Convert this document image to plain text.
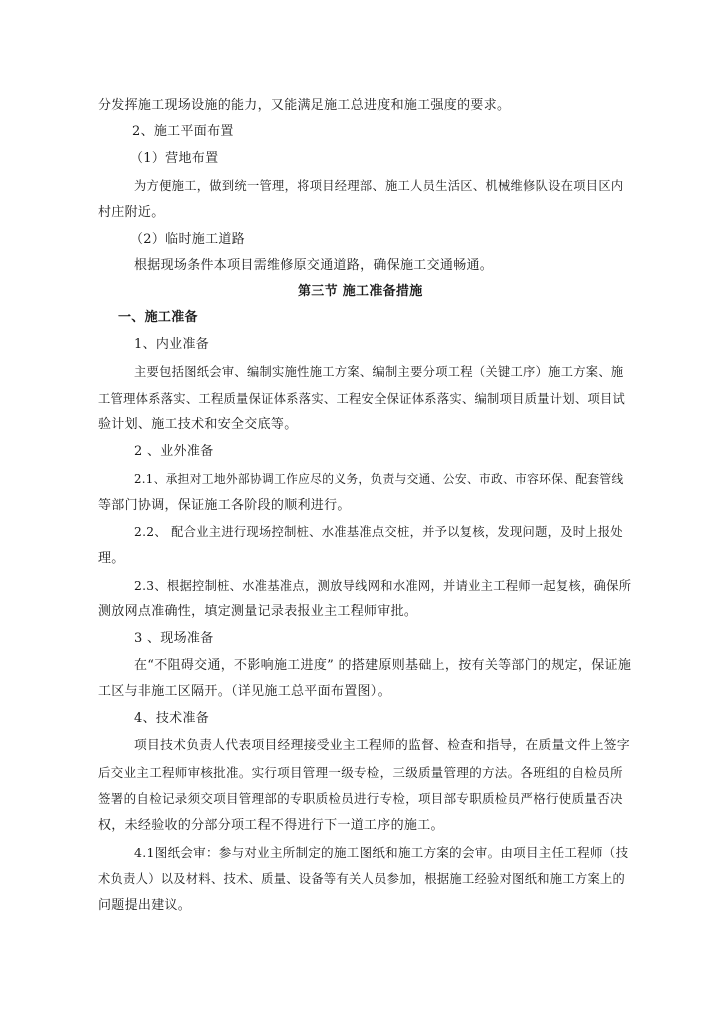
分发挥施工现场设施的能力，又能满足施工总进度和施工强度的要求。
2、施工平面布置
（1）营地布置
为方便施工，做到统一管理，将项目经理部、施工人员生活区、机械维修队设在项目区内
村庄附近。
（2）临时施工道路
根据现场条件本项目需维修原交通道路，确保施工交通畅通。
第三节 施工准备措施
一、施工准备
1、内业准备
主要包括图纸会审、编制实施性施工方案、编制主要分项工程（关键工序）施工方案、施
工管理体系落实、工程质量保证体系落实、工程安全保证体系落实、编制项目质量计划、项目试
验计划、施工技术和安全交底等。
2 、业外准备
2.1、承担对工地外部协调工作应尽的义务，负责与交通、公安、市政、市容环保、配套管线
等部门协调，保证施工各阶段的顺利进行。
2.2、 配合业主进行现场控制桩、水准基准点交桩，并予以复核，发现问题，及时上报处
理。
2.3、根据控制桩、水准基准点，测放导线网和水准网，并请业主工程师一起复核，确保所
测放网点准确性，填定测量记录表报业主工程师审批。
3 、现场准备
在“不阻碍交通，不影响施工进度” 的搭建原则基础上，按有关等部门的规定，保证施
工区与非施工区隔开。（详见施工总平面布置图）。
4、技术准备
项目技术负责人代表项目经理接受业主工程师的监督、检查和指导，在质量文件上签字
后交业主工程师审核批准。实行项目管理一级专检，三级质量管理的方法。各班组的自检员所
签署的自检记录须交项目管理部的专职质检员进行专检，项目部专职质检员严格行使质量否决
权，未经验收的分部分项工程不得进行下一道工序的施工。
4.1图纸会审：参与对业主所制定的施工图纸和施工方案的会审。由项目主任工程师（技
术负责人）以及材料、技术、质量、设备等有关人员参加，根据施工经验对图纸和施工方案上的
问题提出建议。
